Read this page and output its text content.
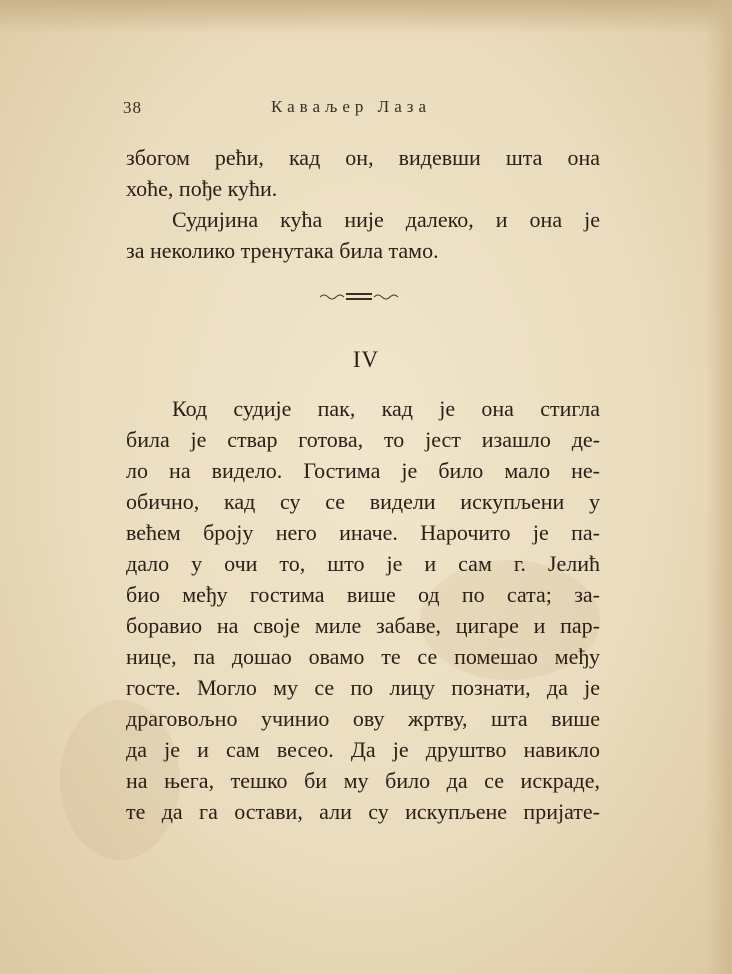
38	Каваљер Лаза
збогом рећи, кад он, видевши шта она
хоће, пође кући.
Судијина кућа није далеко, и она је
за неколико тренутака била тамо.
IV
Код судије пак, кад је она стигла
била је ствар готова, то јест изашло де-
ло на видело. Гостима је било мало не-
обично, кад су се видели искупљени у
већем броју него иначе. Нарочито је па-
дало у очи то, што је и сам г. Јелић
био међу гостима више од по сата; за-
боравио на своје миле забаве, цигаре и пар-
нице, па дошао овамо те се помешао међу
госте. Могло му се по лицу познати, да је
драговољно учинио ову жртву, шта више
да је и сам весео. Да је друштво навикло
на њега, тешко би му било да се искраде,
те да га остави, али су искупљене пријате-
